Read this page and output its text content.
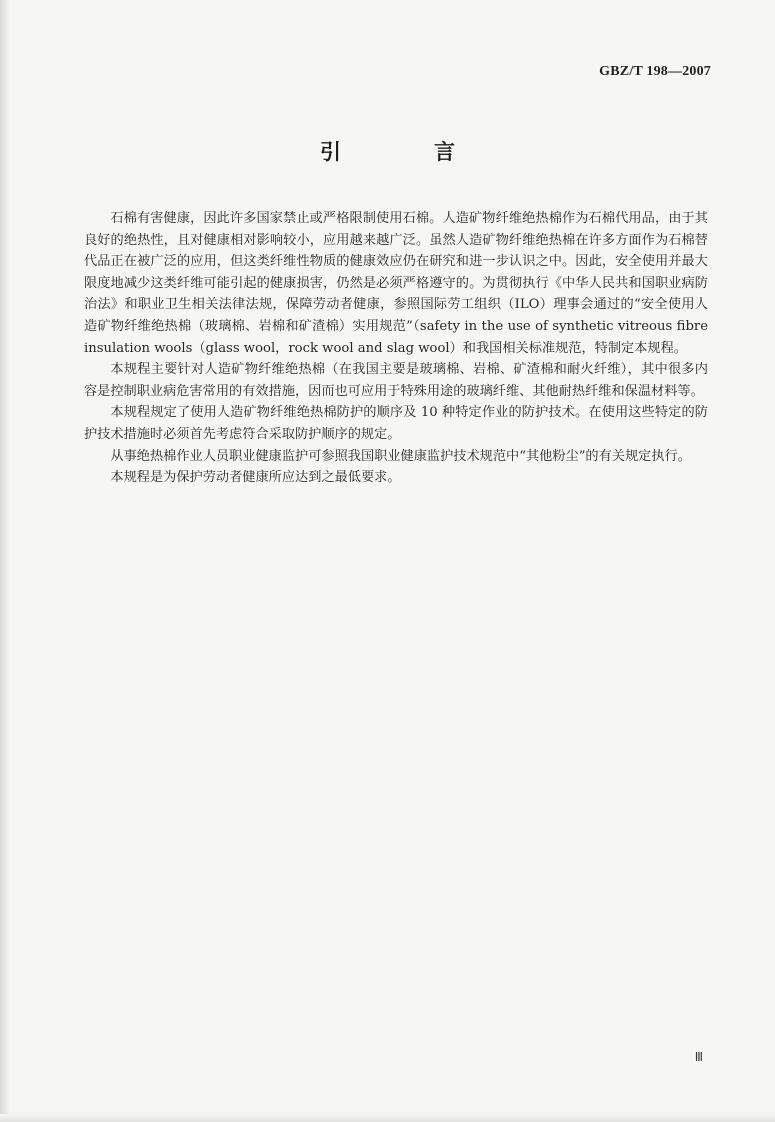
GBZ/T 198—2007
引　言

石棉有害健康，因此许多国家禁止或严格限制使用石棉。人造矿物纤维绝热棉作为石棉代用品，由于其良好的绝热性，且对健康相对影响较小，应用越来越广泛。虽然人造矿物纤维绝热棉在许多方面作为石棉替代品正在被广泛的应用，但这类纤维性物质的健康效应仍在研究和进一步认识之中。因此，安全使用并最大限度地减少这类纤维可能引起的健康损害，仍然是必须严格遵守的。为贯彻执行《中华人民共和国职业病防治法》和职业卫生相关法律法规，保障劳动者健康，参照国际劳工组织（ILO）理事会通过的“安全使用人造矿物纤维绝热棉（玻璃棉、岩棉和矿渣棉）实用规范”（safety in the use of synthetic vitreous fibre insulation wools（glass wool，rock wool and slag wool）和我国相关标准规范，特制定本规程。

本规程主要针对人造矿物纤维绝热棉（在我国主要是玻璃棉、岩棉、矿渣棉和耐火纤维），其中很多内容是控制职业病危害常用的有效措施，因而也可应用于特殊用途的玻璃纤维、其他耐热纤维和保温材料等。

本规程规定了使用人造矿物纤维绝热棉防护的顺序及 10 种特定作业的防护技术。在使用这些特定的防护技术措施时必须首先考虑符合采取防护顺序的规定。

从事绝热棉作业人员职业健康监护可参照我国职业健康监护技术规范中“其他粉尘”的有关规定执行。

本规程是为保护劳动者健康所应达到之最低要求。

Ⅲ
